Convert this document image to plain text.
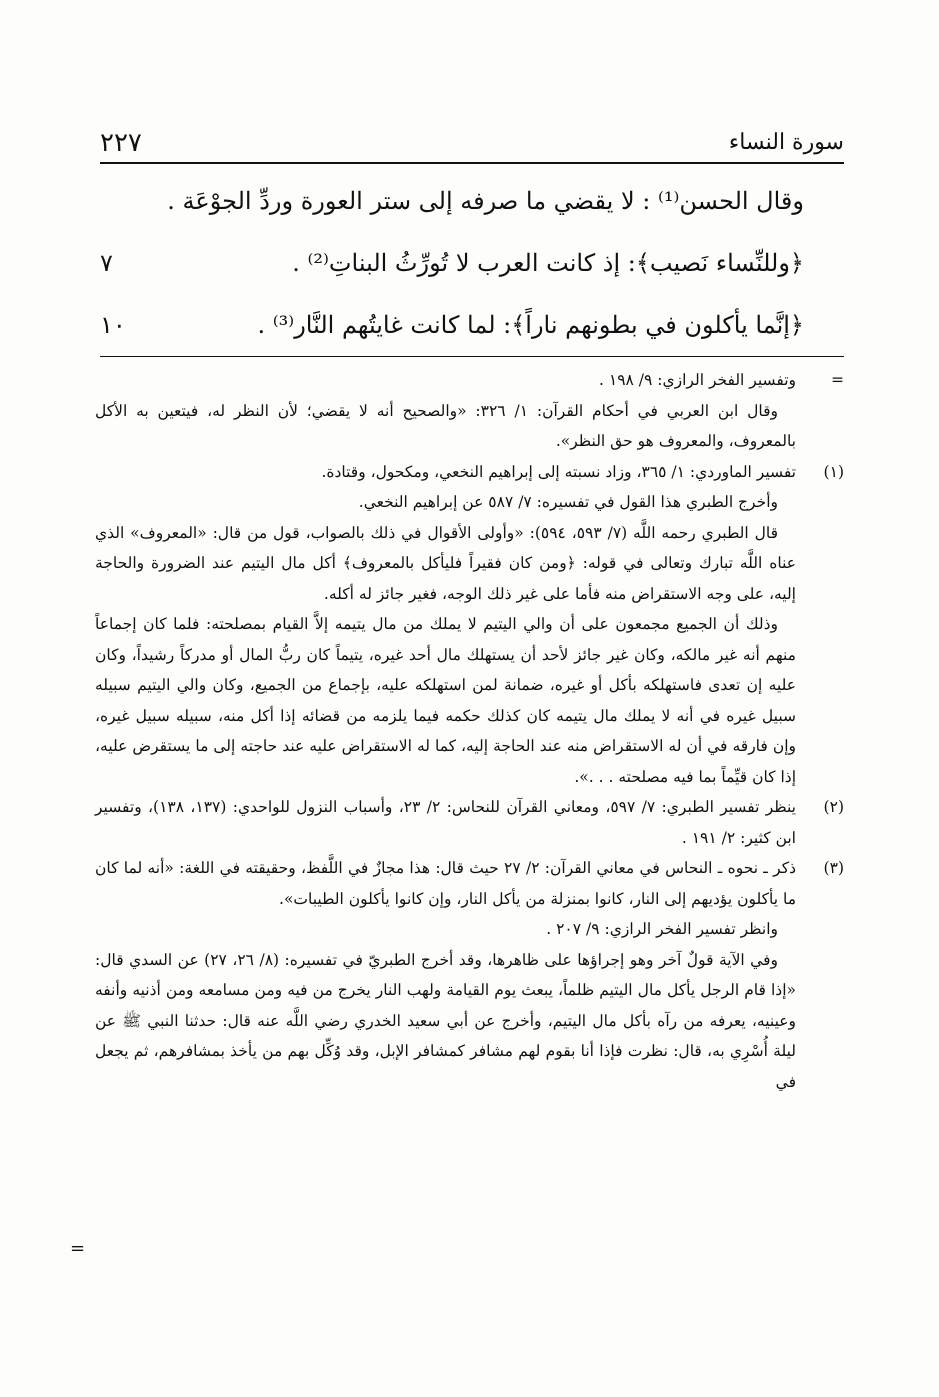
٢٢٧	سورة النساء
وقال الحسن⁽¹⁾ : لا يقضي ما صرفه إلى ستر العورة وردِّ الجوْعَة .
٧	﴿وللنِّساء نَصيب﴾: إذ كانت العرب لا تُورِّثُ البناتِ⁽²⁾ .
١٠	﴿إنَّما يأكلون في بطونهم ناراً﴾: لما كانت غايتُهم النَّار⁽³⁾ .
=
وتفسير الفخر الرازي: ٩/ ١٩٨ .
وقال ابن العربي في أحكام القرآن: ١/ ٣٢٦: «والصحيح أنه لا يقضي؛ لأن النظر له، فيتعين به الأكل بالمعروف، والمعروف هو حق النظر».
(١)
تفسير الماوردي: ١/ ٣٦٥، وزاد نسبته إلى إبراهيم النخعي، ومكحول، وقتادة.
وأخرج الطبري هذا القول في تفسيره: ٧/ ٥٨٧ عن إبراهيم النخعي.
قال الطبري رحمه اللَّه (٧/ ٥٩٣، ٥٩٤): «وأولى الأقوال في ذلك بالصواب، قول من قال: «المعروف» الذي عناه اللَّه تبارك وتعالى في قوله: ﴿ومن كان فقيراً فليأكل بالمعروف﴾ أكل مال اليتيم عند الضرورة والحاجة إليه، على وجه الاستقراض منه فأما على غير ذلك الوجه، فغير جائز له أكله.
وذلك أن الجميع مجمعون على أن والي اليتيم لا يملك من مال يتيمه إلاَّ القيام بمصلحته: فلما كان إجماعاً منهم أنه غير مالكه، وكان غير جائز لأحد أن يستهلك مال أحد غيره، يتيماً كان ربُّ المال أو مدركاً رشيداً، وكان عليه إن تعدى فاستهلكه بأكل أو غيره، ضمانة لمن استهلكه عليه، بإجماع من الجميع، وكان والي اليتيم سبيله سبيل غيره في أنه لا يملك مال يتيمه كان كذلك حكمه فيما يلزمه من قضائه إذا أكل منه، سبيله سبيل غيره، وإن فارقه في أن له الاستقراض منه عند الحاجة إليه، كما له الاستقراض عليه عند حاجته إلى ما يستقرض عليه، إذا كان قيِّماً بما فيه مصلحته . . .».
(٢)
ينظر تفسير الطبري: ٧/ ٥٩٧، ومعاني القرآن للنحاس: ٢/ ٢٣، وأسباب النزول للواحدي: (١٣٧، ١٣٨)، وتفسير ابن كثير: ٢/ ١٩١ .
(٣)
ذكر ـ نحوه ـ النحاس في معاني القرآن: ٢/ ٢٧ حيث قال: هذا مجازٌ في اللَّفظ، وحقيقته في اللغة: «أنه لما كان ما يأكلون يؤديهم إلى النار، كانوا بمنزلة من يأكل النار، وإن كانوا يأكلون الطيبات».
وانظر تفسير الفخر الرازي: ٩/ ٢٠٧ .
وفي الآية قولٌ آخر وهو إجراؤها على ظاهرها، وقد أخرج الطبريّ في تفسيره: (٨/ ٢٦، ٢٧) عن السدي قال: «إذا قام الرجل يأكل مال اليتيم ظلماً، يبعث يوم القيامة ولهب النار يخرج من فيه ومن مسامعه ومن أذنيه وأنفه وعينيه، يعرفه من رآه بأكل مال اليتيم، وأخرج عن أبي سعيد الخدري رضي اللَّه عنه قال: حدثنا النبي ﷺ عن ليلة أُسْرِي به، قال: نظرت فإذا أنا بقوم لهم مشافر كمشافر الإبل، وقد وُكِّل بهم من يأخذ بمشافرهم، ثم يجعل في
=
